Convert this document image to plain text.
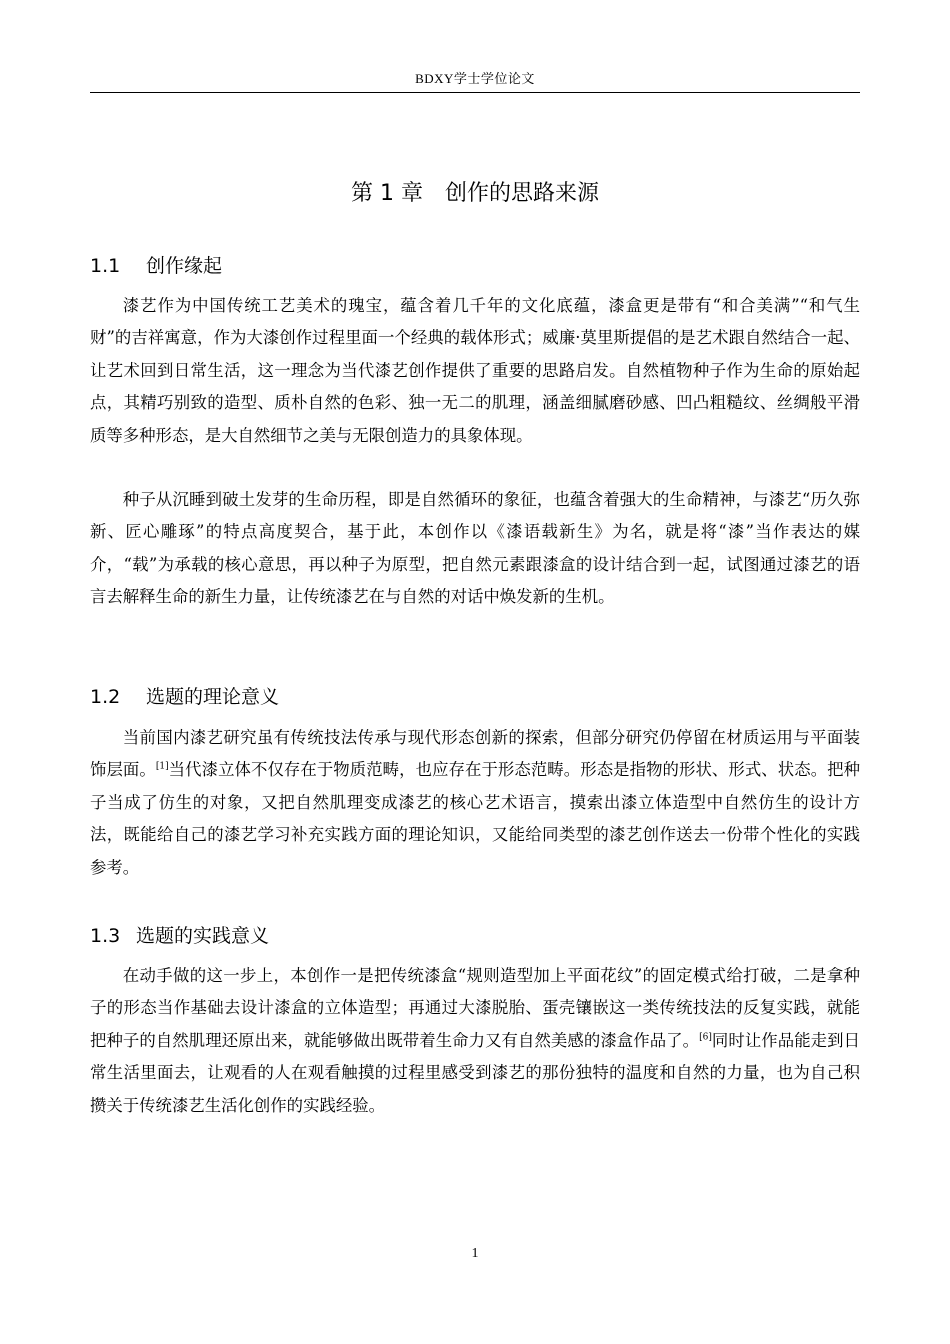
BDXY学士学位论文
第 1 章 创作的思路来源
1.1 创作缘起

漆艺作为中国传统工艺美术的瑰宝，蕴含着几千年的文化底蕴，漆盒更是带有“和合美满”“和气生财”的吉祥寓意，作为大漆创作过程里面一个经典的载体形式；威廉·莫里斯提倡的是艺术跟自然结合一起、让艺术回到日常生活，这一理念为当代漆艺创作提供了重要的思路启发。自然植物种子作为生命的原始起点，其精巧别致的造型、质朴自然的色彩、独一无二的肌理，涵盖细腻磨砂感、凹凸粗糙纹、丝绸般平滑质等多种形态，是大自然细节之美与无限创造力的具象体现。

种子从沉睡到破土发芽的生命历程，即是自然循环的象征，也蕴含着强大的生命精神，与漆艺“历久弥新、匠心雕琢”的特点高度契合，基于此，本创作以《漆语载新生》为名，就是将“漆”当作表达的媒介，“载”为承载的核心意思，再以种子为原型，把自然元素跟漆盒的设计结合到一起，试图通过漆艺的语言去解释生命的新生力量，让传统漆艺在与自然的对话中焕发新的生机。

1.2 选题的理论意义

当前国内漆艺研究虽有传统技法传承与现代形态创新的探索，但部分研究仍停留在材质运用与平面装饰层面。[1]当代漆立体不仅存在于物质范畴，也应存在于形态范畴。形态是指物的形状、形式、状态。把种子当成了仿生的对象，又把自然肌理变成漆艺的核心艺术语言，摸索出漆立体造型中自然仿生的设计方法，既能给自己的漆艺学习补充实践方面的理论知识，又能给同类型的漆艺创作送去一份带个性化的实践参考。

1.3 选题的实践意义

在动手做的这一步上，本创作一是把传统漆盒“规则造型加上平面花纹”的固定模式给打破，二是拿种子的形态当作基础去设计漆盒的立体造型；再通过大漆脱胎、蛋壳镶嵌这一类传统技法的反复实践，就能把种子的自然肌理还原出来，就能够做出既带着生命力又有自然美感的漆盒作品了。[6]同时让作品能走到日常生活里面去，让观看的人在观看触摸的过程里感受到漆艺的那份独特的温度和自然的力量，也为自己积攒关于传统漆艺生活化创作的实践经验。

1
